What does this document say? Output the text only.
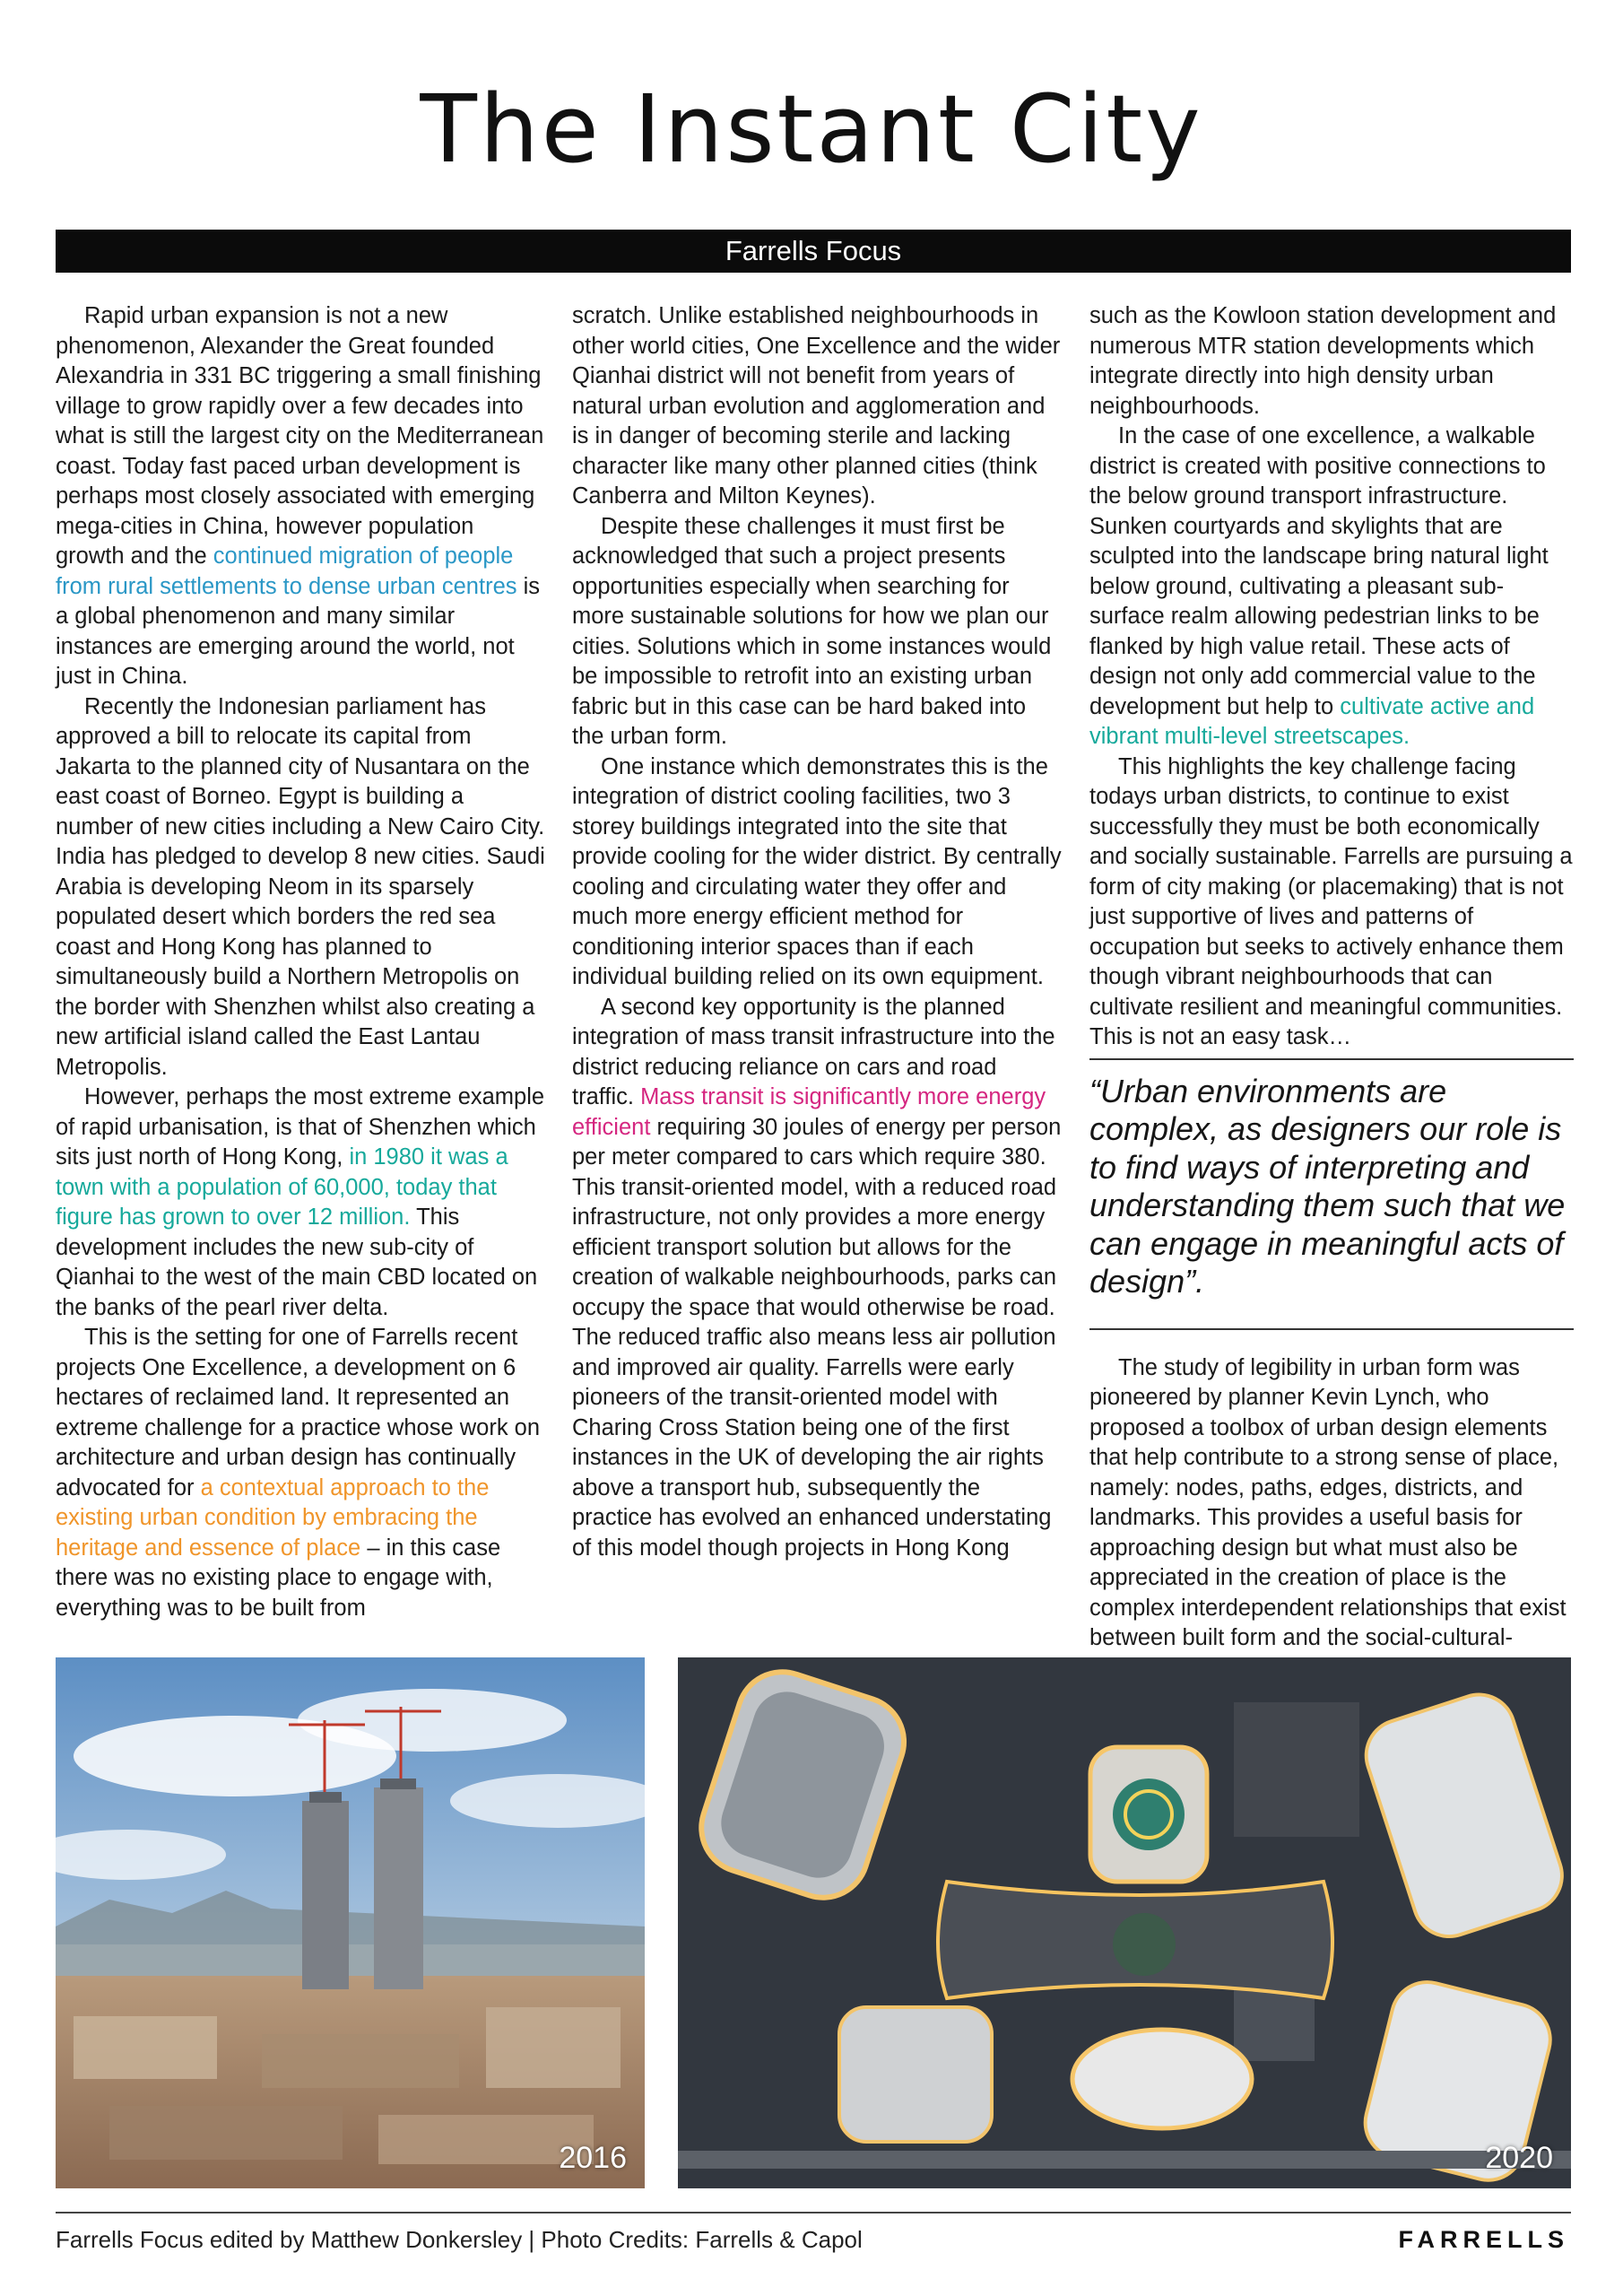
The Instant City
Farrells Focus

Rapid urban expansion is not a new phenomenon, Alexander the Great founded Alexandria in 331 BC triggering a small finishing village to grow rapidly over a few decades into what is still the largest city on the Mediterranean coast. Today fast paced urban development is perhaps most closely associated with emerging mega-cities in China, however population growth and the continued migration of people from rural settlements to dense urban centres is a global phenomenon and many similar instances are emerging around the world, not just in China.

Recently the Indonesian parliament has approved a bill to relocate its capital from Jakarta to the planned city of Nusantara on the east coast of Borneo. Egypt is building a number of new cities including a New Cairo City. India has pledged to develop 8 new cities. Saudi Arabia is developing Neom in its sparsely populated desert which borders the red sea coast and Hong Kong has planned to simultaneously build a Northern Metropolis on the border with Shenzhen whilst also creating a new artificial island called the East Lantau Metropolis.

However, perhaps the most extreme example of rapid urbanisation, is that of Shenzhen which sits just north of Hong Kong, in 1980 it was a town with a population of 60,000, today that figure has grown to over 12 million. This development includes the new sub-city of Qianhai to the west of the main CBD located on the banks of the pearl river delta.

This is the setting for one of Farrells recent projects One Excellence, a development on 6 hectares of reclaimed land. It represented an extreme challenge for a practice whose work on architecture and urban design has continually advocated for a contextual approach to the existing urban condition by embracing the heritage and essence of place – in this case there was no existing place to engage with, everything was to be built from

scratch. Unlike established neighbourhoods in other world cities, One Excellence and the wider Qianhai district will not benefit from years of natural urban evolution and agglomeration and is in danger of becoming sterile and lacking character like many other planned cities (think Canberra and Milton Keynes).

Despite these challenges it must first be acknowledged that such a project presents opportunities especially when searching for more sustainable solutions for how we plan our cities. Solutions which in some instances would be impossible to retrofit into an existing urban fabric but in this case can be hard baked into the urban form.

One instance which demonstrates this is the integration of district cooling facilities, two 3 storey buildings integrated into the site that provide cooling for the wider district. By centrally cooling and circulating water they offer and much more energy efficient method for conditioning interior spaces than if each individual building relied on its own equipment.

A second key opportunity is the planned integration of mass transit infrastructure into the district reducing reliance on cars and road traffic. Mass transit is significantly more energy efficient requiring 30 joules of energy per person per meter compared to cars which require 380. This transit-oriented model, with a reduced road infrastructure, not only provides a more energy efficient transport solution but allows for the creation of walkable neighbourhoods, parks can occupy the space that would otherwise be road. The reduced traffic also means less air pollution and improved air quality. Farrells were early pioneers of the transit-oriented model with Charing Cross Station being one of the first instances in the UK of developing the air rights above a transport hub, subsequently the practice has evolved an enhanced understating of this model though projects in Hong Kong

such as the Kowloon station development and numerous MTR station developments which integrate directly into high density urban neighbourhoods.

In the case of one excellence, a walkable district is created with positive connections to the below ground transport infrastructure. Sunken courtyards and skylights that are sculpted into the landscape bring natural light below ground, cultivating a pleasant sub-surface realm allowing pedestrian links to be flanked by high value retail. These acts of design not only add commercial value to the development but help to cultivate active and vibrant multi-level streetscapes.

This highlights the key challenge facing todays urban districts, to continue to exist successfully they must be both economically and socially sustainable. Farrells are pursuing a form of city making (or placemaking) that is not just supportive of lives and patterns of occupation but seeks to actively enhance them though vibrant neighbourhoods that can cultivate resilient and meaningful communities. This is not an easy task…

“Urban environments are complex, as designers our role is to find ways of interpreting and understanding them such that we can engage in meaningful acts of design”.

The study of legibility in urban form was pioneered by planner Kevin Lynch, who proposed a toolbox of urban design elements that help contribute to a strong sense of place, namely: nodes, paths, edges, districts, and landmarks. This provides a useful basis for approaching design but what must also be appreciated in the creation of place is the complex interdependent relationships that exist between built form and the social-cultural-

2016	2020
Farrells Focus edited by Matthew Donkersley | Photo Credits: Farrells & Capol	FARRELLS
